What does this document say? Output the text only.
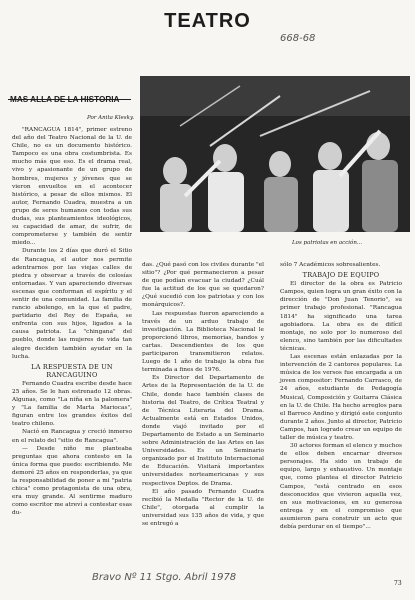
TEATRO
668-68
MAS ALLA DE LA HISTORIA
Por Anita Klesky.
Los patriotas en acción...

"RANCAGUA 1814", primer estreno del año del Teatro Nacional de la U. de Chile, no es un documento histórico. Tampoco es una obra costumbrista. Es mucho más que eso. Es el drama real, vivo y apasionante de un grupo de hombres, mujeres y jóvenes que se vieron envueltos en el acontecer histórico, a pesar de ellos mismos. El autor, Fernando Cuadra, muestra a un grupo de seres humanos con todas sus dudas, sus planteamientos ideológicos, su capacidad de amar, de sufrir, de comprometerse y también de sentir miedo...

Durante los 2 días que duró el Sitio de Rancagua, el autor nos permite adentrarnos por las viejas calles de piedra y observar a través de celosías entornadas. Y van apareciendo diversas escenas que conforman el espíritu y el sentir de una comunidad. La familia de rancio abolengo, en la que el padre, partidario del Rey de España, se enfrenta con sus hijos, ligados a la causa patriota. La "chingana" del pueblo, donde las mujeres de vida tan alegre deciden también ayudar en la lucha.

LA RESPUESTA DE UN RANCAGUINO

Fernando Cuadra escribe desde hace 25 años. Se le han estrenado 12 obras. Algunas, como "La niña en la palomera" y "La familia de Marta Mariocas", figuran entre los grandes éxitos del teatro chileno.

Nació en Rancagua y creció inmerso en el relato del "sitio de Rancagua".

— Desde niño me planteaba preguntas que ahora contesto en la única forma que puedo: escribiendo. Me demoré 25 años en responderlas, ya que la responsabilidad de poner a mi "patria chica" como protagonista de una obra, era muy grande. Al sentirme maduro como escritor me atreví a contestar esas du-

das. ¿Qué pasó con los civiles durante "el sitio"? ¿Por qué permanecieron a pesar de que podían evacuar la ciudad? ¿Cuál fue la actitud de los que se quedaron? ¿Qué sucedió con los patriotas y con los monárquicos?.

Las respuestas fueron apareciendo a través de un arduo trabajo de investigación. La Biblioteca Nacional le proporcionó libros, memorias, bandos y cartas. Descendientes de los que participaron transmitieron relatos. Luego de 1 año de trabajo la obra fue terminada a fines de 1976.

Es Director del Departamento de Artes de la Representación de la U. de Chile, donde hace también clases de historia del Teatro, de Crítica Teatral y de Técnica Literaria del Drama. Actualmente está en Estados Unidos, donde viajó invitado por el Departamento de Estado a un Seminario sobre Administración de las Artes en las Universidades. Es un Seminario organizado por el Instituto Internacional de Educación. Visitará importantes universidades norteamericanas y sus respectivos Deptos. de Drama.

El año pasado Fernando Cuadra recibió la Medalla "Rector de la U. de Chile", otorgada al cumplir la universidad sus 135 años de vida, y que se entregó a

sólo 7 Académicos sobresalientes.

TRABAJO DE EQUIPO

El director de la obra es Patricio Campos, quien logra un gran éxito con la dirección de "Don Juan Tenorio", su primer trabajo profesional. "Rancagua 1814" ha significado una tarea agobiadora. La obra es de difícil montaje, no solo por lo numeroso del elenco, sino también por las dificultades técnicas.

Las escenas están enlazadas por la intervención de 2 cantores populares. La música de los versos fue encargada a un joven compositor: Fernando Carrasco, de 24 años, estudiante de Pedagogía Musical, Composición y Guitarra Clásica en la U. de Chile. Ha hecho arreglos para el Barroco Andino y dirigió este conjunto durante 2 años. Junto al director, Patricio Campos, han logrado crear un equipo de taller de música y teatro.

30 actores forman el elenco y muchos de ellos deben encarnar diversos personajes. Ha sido un trabajo de equipo, largo y exhaustivo. Un montaje que, como plantea el director Patricio Campos, "está centrado en esos desconocidos que vivieron aquella vez, en sus motivaciones, en su generosa entrega y en el compromiso que asumieron para construir un acto que debía perdurar en el tiempo"...

Bravo Nº 11 Stgo. Abril 1978
73
